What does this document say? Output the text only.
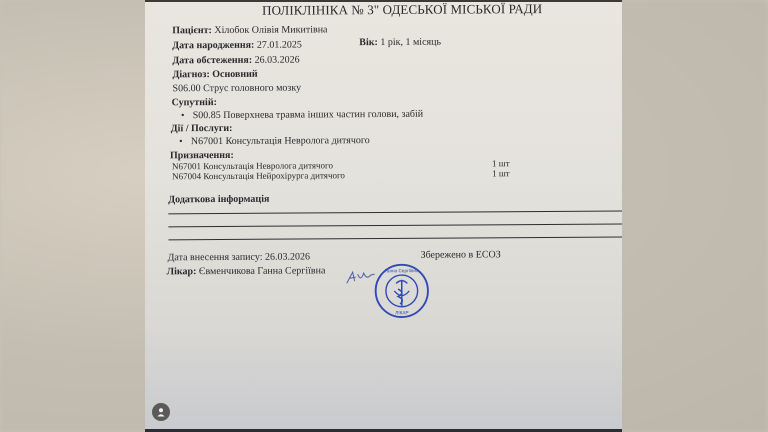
ПОЛІКЛІНІКА № 3" ОДЕСЬКОЇ МІСЬКОЇ РАДИ
Пацієнт: Хілобок Олівія Микитівна
Дата народження: 27.01.2025	Вік: 1 рік, 1 місяць
Дата обстеження: 26.03.2026
Діагноз: Основний
S06.00 Струс головного мозку
Супутній:
• S00.85 Поверхнева травма інших частин голови, забій
Дії / Послуги:
• N67001 Консультація Невролога дитячого
Призначення:
N67001 Консультація Невролога дитячого	1 шт
N67004 Консультація Нейрохірурга дитячого	1 шт
Додаткова інформація
Дата внесення запису: 26.03.2026	Збережено в ЕСОЗ
Лікар: Євменчикова Ганна Сергіївна	Ганна Сергіївна
ЛІКАР
